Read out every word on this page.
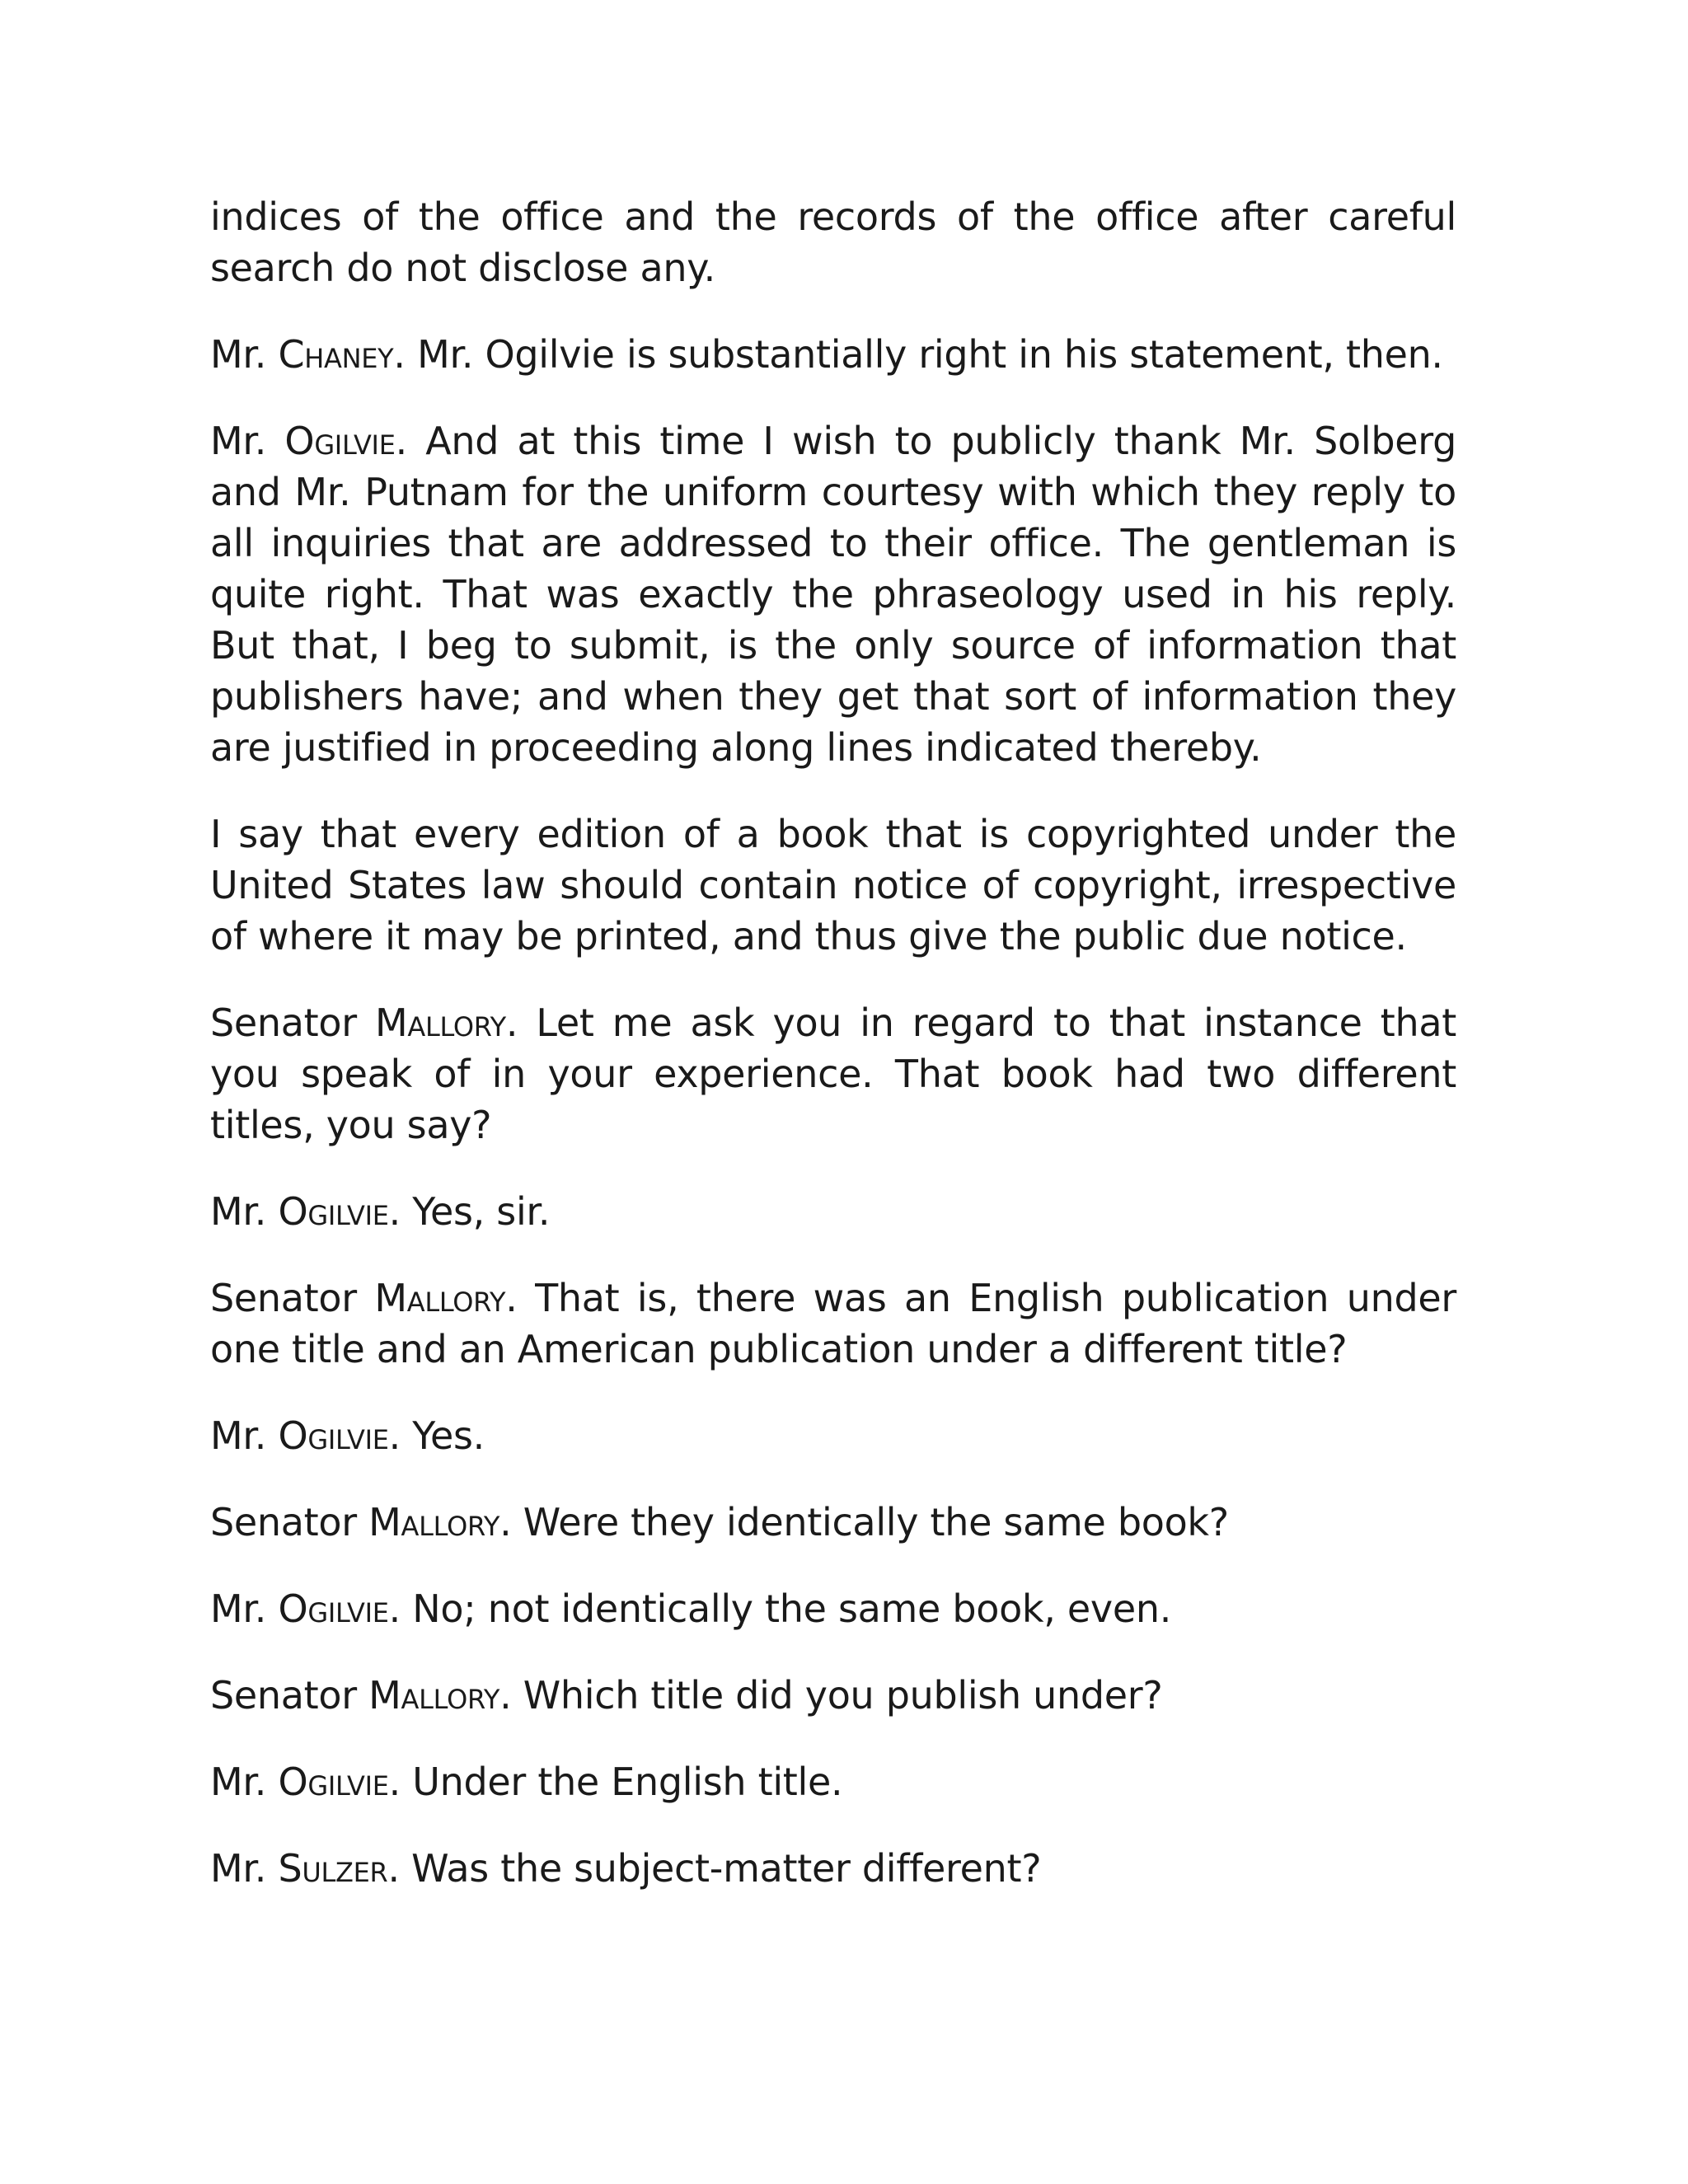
indices of the office and the records of the office after careful search do not disclose any.

Mr. Chaney. Mr. Ogilvie is substantially right in his statement, then.

Mr. Ogilvie. And at this time I wish to publicly thank Mr. Solberg and Mr. Putnam for the uniform courtesy with which they reply to all inquiries that are addressed to their office. The gentleman is quite right. That was exactly the phraseology used in his reply. But that, I beg to submit, is the only source of information that publishers have; and when they get that sort of information they are justified in proceeding along lines indicated thereby.

I say that every edition of a book that is copyrighted under the United States law should contain notice of copyright, irrespective of where it may be printed, and thus give the public due notice.

Senator Mallory. Let me ask you in regard to that instance that you speak of in your experience. That book had two different titles, you say?

Mr. Ogilvie. Yes, sir.

Senator Mallory. That is, there was an English publication under one title and an American publication under a different title?

Mr. Ogilvie. Yes.

Senator Mallory. Were they identically the same book?

Mr. Ogilvie. No; not identically the same book, even.

Senator Mallory. Which title did you publish under?

Mr. Ogilvie. Under the English title.

Mr. Sulzer. Was the subject-matter different?
